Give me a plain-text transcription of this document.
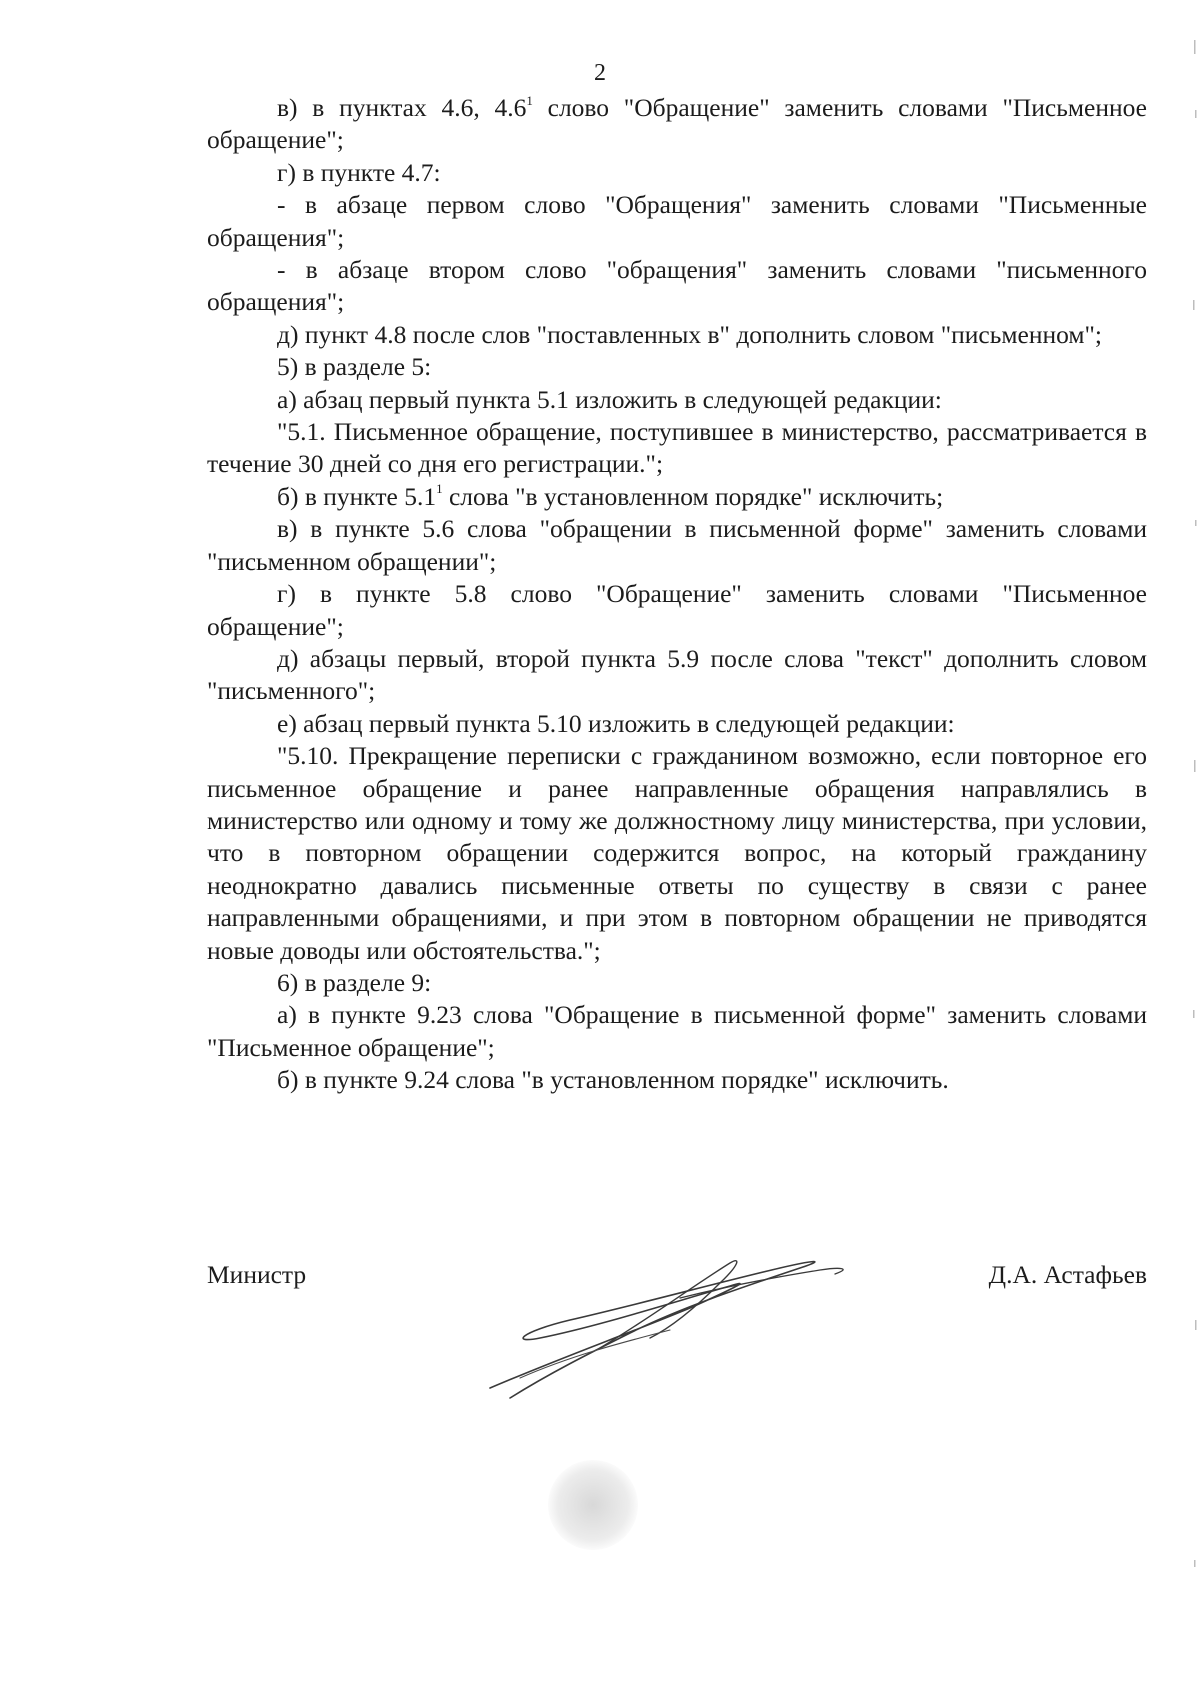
2

в) в пунктах 4.6, $4.6^1$ слово "Обращение" заменить словами "Письменное обращение";

г) в пункте 4.7:

- в абзаце первом слово "Обращения" заменить словами "Письменные обращения";

- в абзаце втором слово "обращения" заменить словами "письменного обращения";

д) пункт 4.8 после слов "поставленных в" дополнить словом "письменном";

5) в разделе 5:

а) абзац первый пункта 5.1 изложить в следующей редакции:

"5.1. Письменное обращение, поступившее в министерство, рассматривается в течение 30 дней со дня его регистрации.";

б) в пункте $5.1^1$ слова "в установленном порядке" исключить;

в) в пункте 5.6 слова "обращении в письменной форме" заменить словами "письменном обращении";

г) в пункте 5.8 слово "Обращение" заменить словами "Письменное обращение";

д) абзацы первый, второй пункта 5.9 после слова "текст" дополнить словом "письменного";

е) абзац первый пункта 5.10 изложить в следующей редакции:

"5.10. Прекращение переписки с гражданином возможно, если повторное его письменное обращение и ранее направленные обращения направлялись в министерство или одному и тому же должностному лицу министерства, при условии, что в повторном обращении содержится вопрос, на который гражданину неоднократно давались письменные ответы по существу в связи с ранее направленными обращениями, и при этом в повторном обращении не приводятся новые доводы или обстоятельства.";

6) в разделе 9:

а) в пункте 9.23 слова "Обращение в письменной форме" заменить словами "Письменное обращение";

б) в пункте 9.24 слова "в установленном порядке" исключить.

Министр	Д.А. Астафьев
